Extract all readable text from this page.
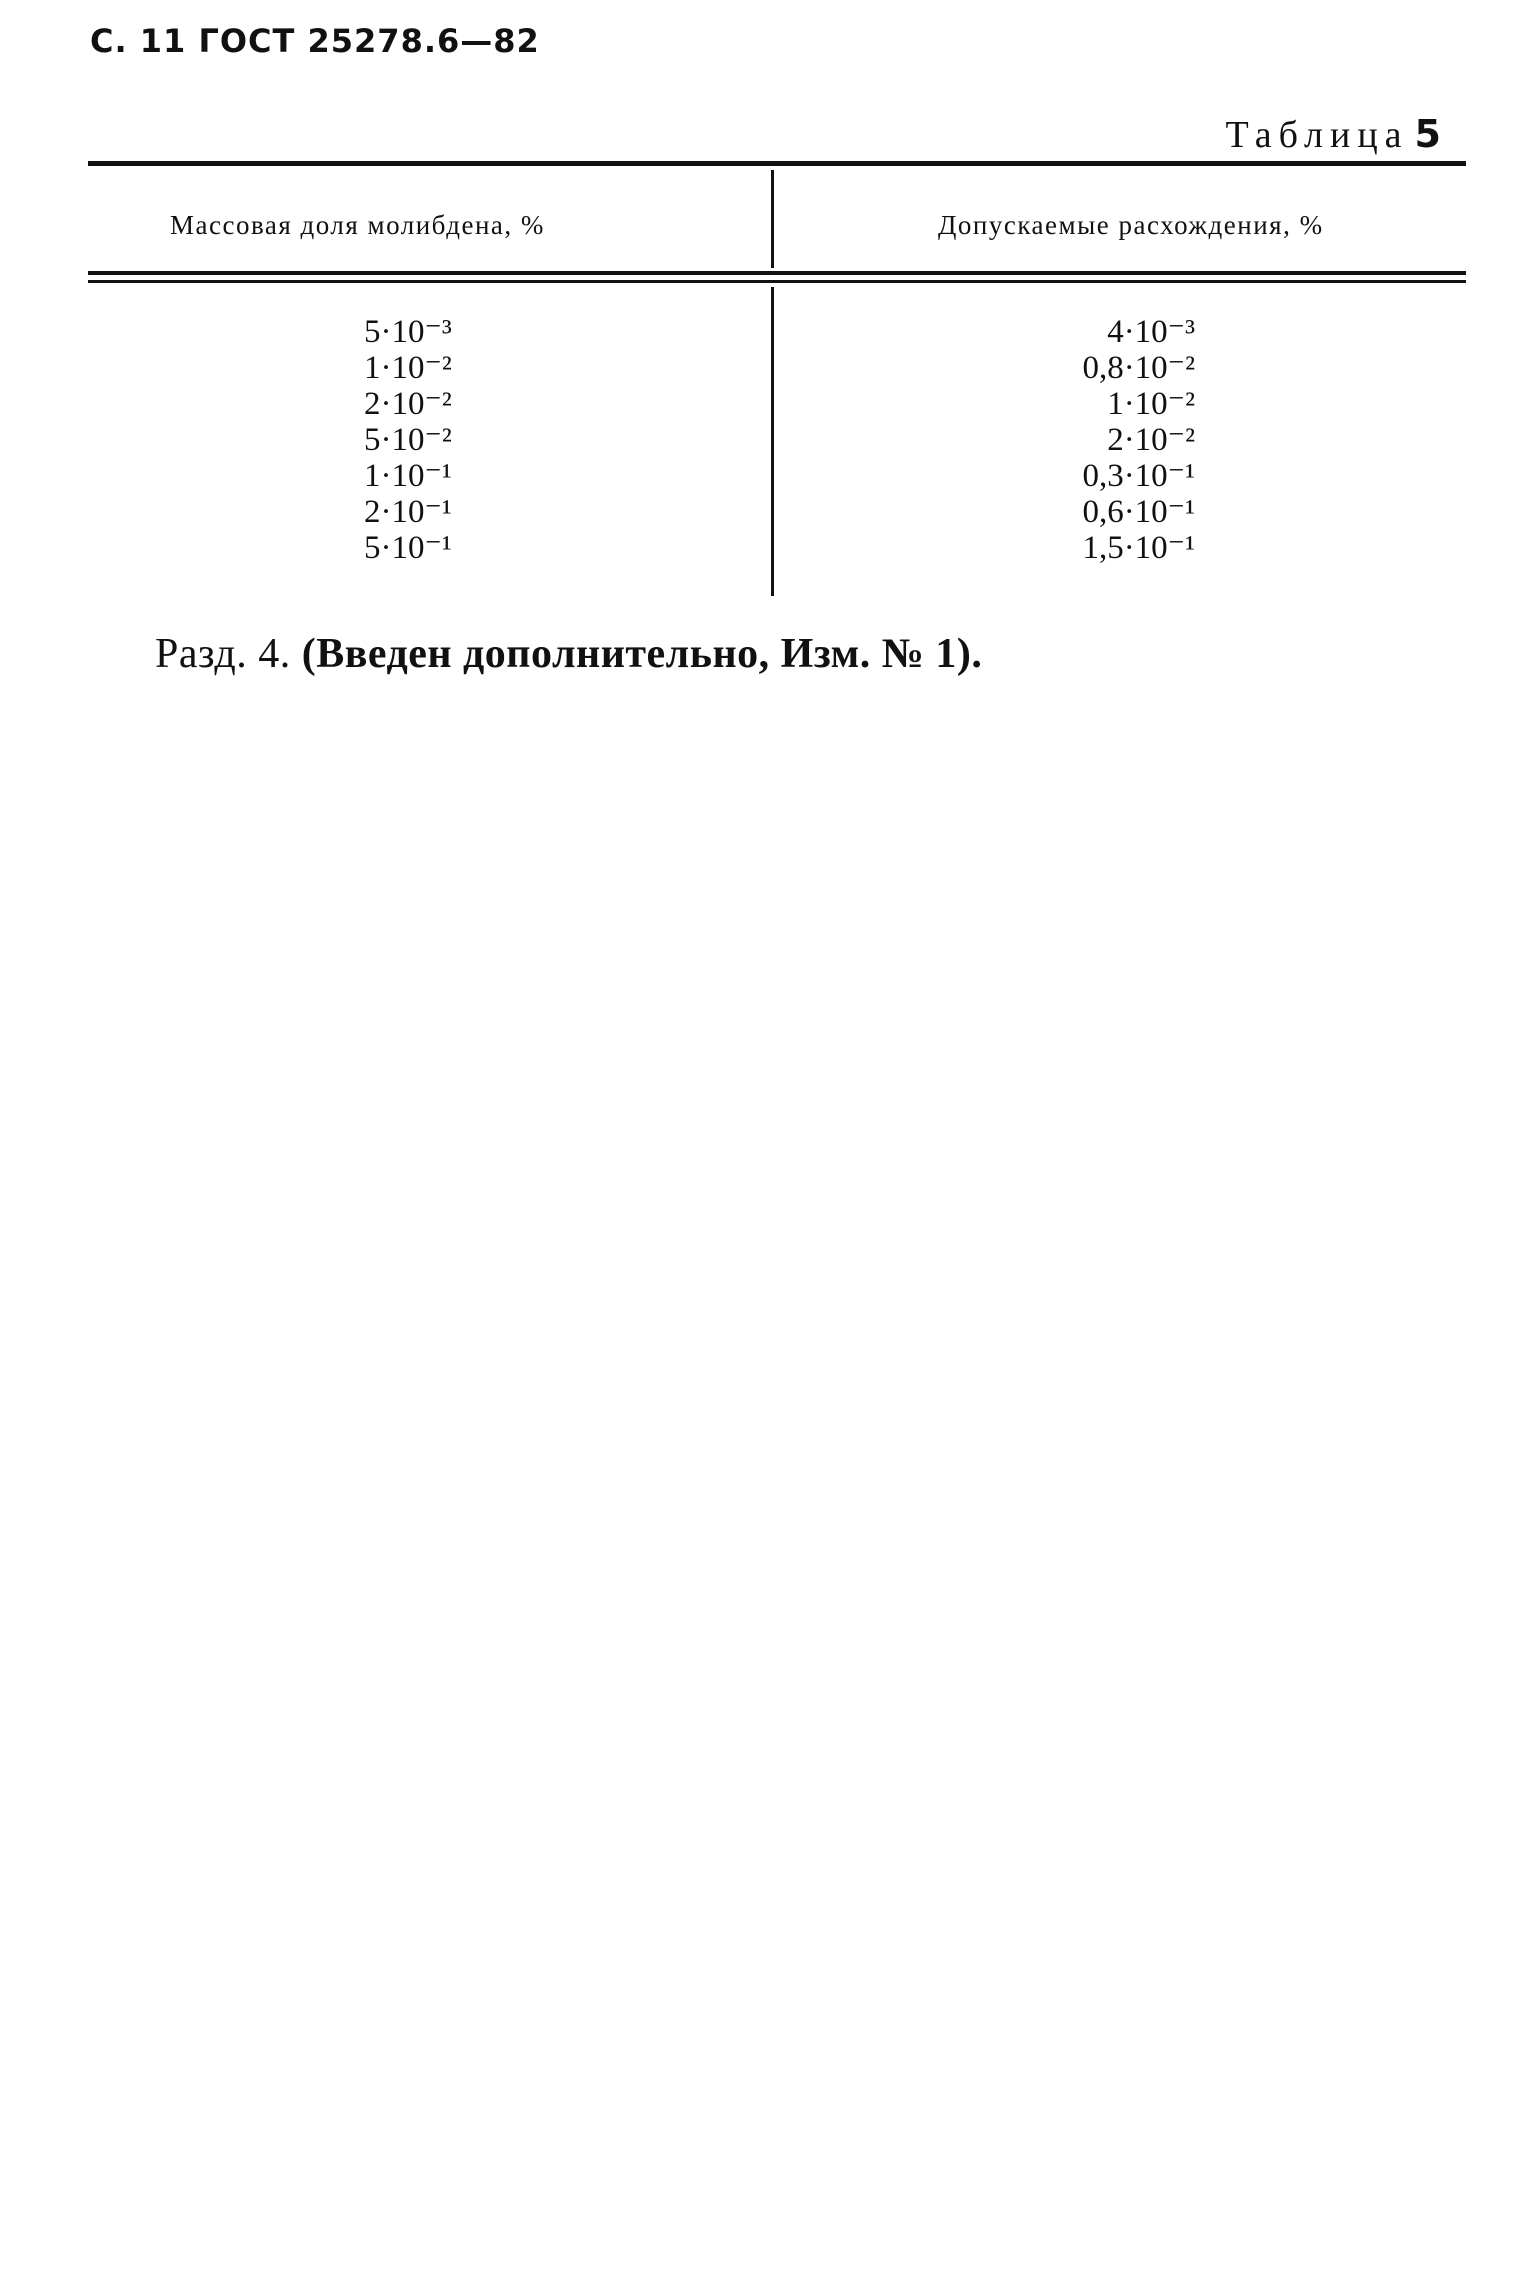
С. 11 ГОСТ 25278.6—82
Таблица 5
Массовая доля молибдена, %	Допускаемые расхождения, %
5·10⁻³
1·10⁻²
2·10⁻²
5·10⁻²
1·10⁻¹
2·10⁻¹
5·10⁻¹
4·10⁻³
0,8·10⁻²
1·10⁻²
2·10⁻²
0,3·10⁻¹
0,6·10⁻¹
1,5·10⁻¹
Разд. 4. (Введен дополнительно, Изм. № 1).
